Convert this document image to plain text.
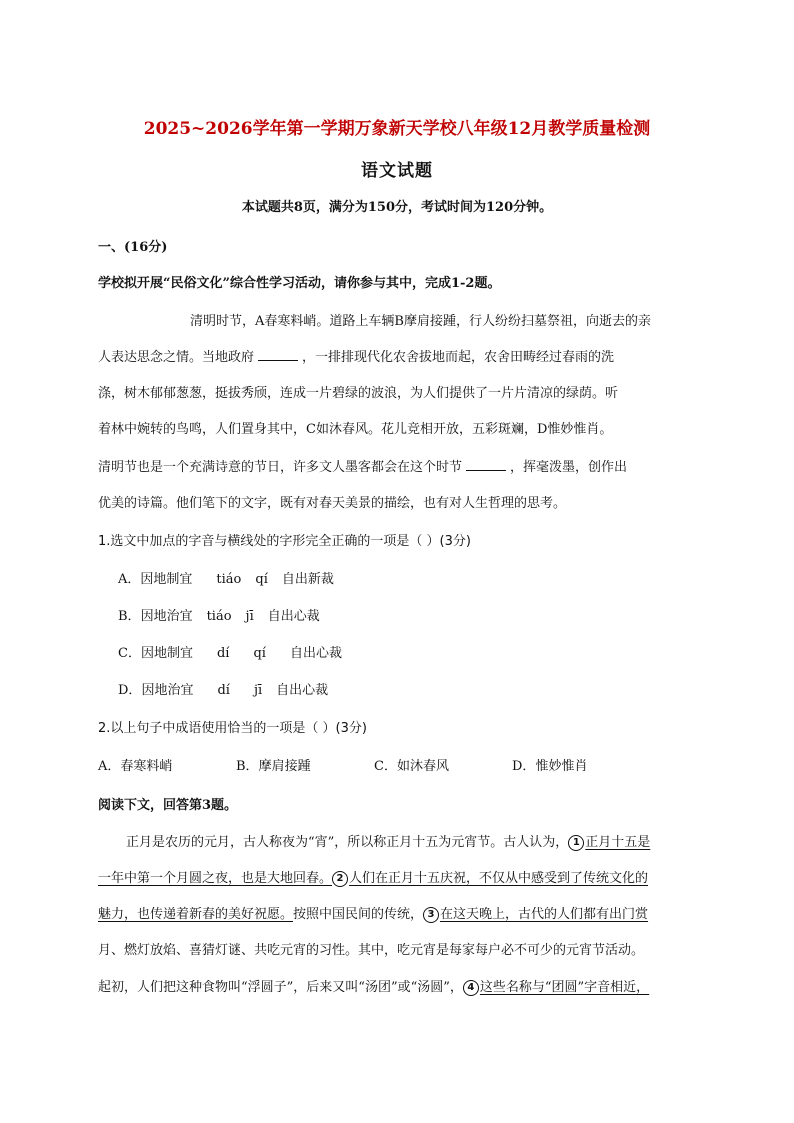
2025~2026学年第一学期万象新天学校八年级12月教学质量检测
语文试题
本试题共8页，满分为150分，考试时间为120分钟。
一、(16分)
学校拟开展“民俗文化”综合性学习活动，请你参与其中，完成1-2题。
清明时节，A春寒料峭。道路上车辆B摩肩接踵，行人纷纷扫墓祭祖，向逝去的亲
人表达思念之情。当地政府	，一排排现代化农舍拔地而起，农舍田畴经过春雨的洗
涤，树木郁郁葱葱，挺拔秀颀，连成一片碧绿的波浪，为人们提供了一片片清凉的绿荫。听
着林中婉转的鸟鸣，人们置身其中，C如沐春风。花儿竞相开放，五彩斑斓，D惟妙惟肖。
清明节也是一个充满诗意的节日，许多文人墨客都会在这个时节	，挥毫泼墨，创作出
优美的诗篇。他们笔下的文字，既有对春天美景的描绘，也有对人生哲理的思考。
1.选文中加点的字音与横线处的字形完全正确的一项是（ ）(3分)
A．因地制宜 tiáo qí 自出新裁
B．因地治宜 tiáo jī 自出心裁
C．因地制宜 dí qí 自出心裁
D．因地治宜 dí jī 自出心裁
2.以上句子中成语使用恰当的一项是（ ）(3分)
A．春寒料峭	B．摩肩接踵	C．如沐春风	D．惟妙惟肖
阅读下文，回答第3题。
正月是农历的元月，古人称夜为“宵”，所以称正月十五为元宵节。古人认为， 1 正月十五是
一年中第一个月圆之夜，也是大地回春。 2 人们在正月十五庆祝，不仅从中感受到了传统文化的
魅力，也传递着新春的美好祝愿。按照中国民间的传统， 3 在这天晚上，古代的人们都有出门赏
月、燃灯放焰、喜猜灯谜、共吃元宵的习性。其中，吃元宵是每家每户必不可少的元宵节活动。
起初，人们把这种食物叫“浮圆子”，后来又叫“汤团”或“汤圆”， 4 这些名称与“团圆”字音相近，
